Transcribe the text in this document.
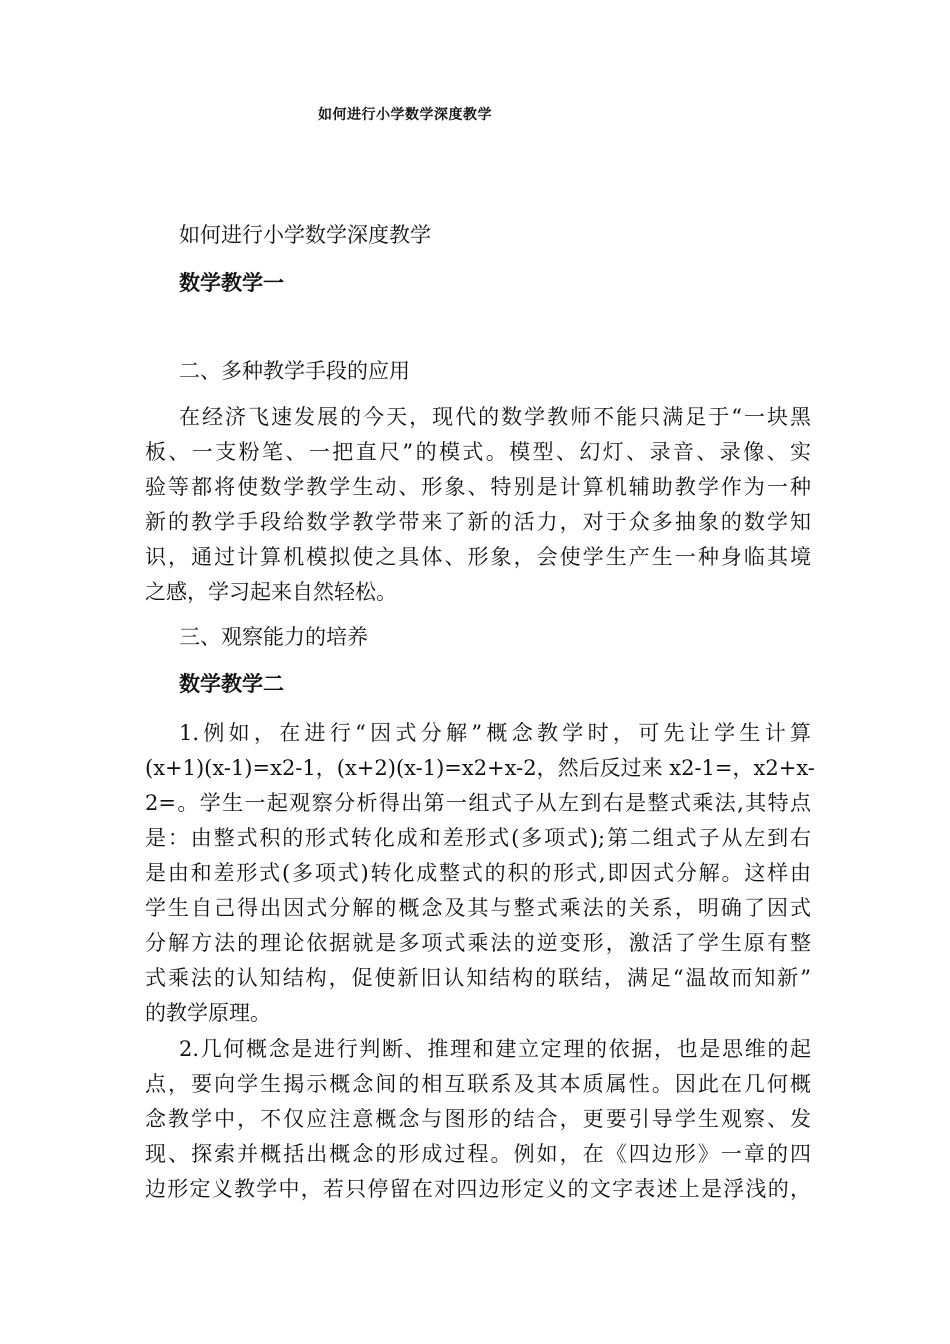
如何进行小学数学深度教学
如何进行小学数学深度教学
数学教学一
二、多种教学手段的应用
在经济飞速发展的今天，现代的数学教师不能只满足于“一块黑
板、一支粉笔、一把直尺”的模式。模型、幻灯、录音、录像、实
验等都将使数学教学生动、形象、特别是计算机辅助教学作为一种
新的教学手段给数学教学带来了新的活力，对于众多抽象的数学知
识，通过计算机模拟使之具体、形象，会使学生产生一种身临其境
之感，学习起来自然轻松。
三、观察能力的培养
数学教学二
1.例如，在进行“因式分解”概念教学时，可先让学生计算
(x+1)(x-1)=x2-1，(x+2)(x-1)=x2+x-2，然后反过来 x2-1=，x2+x-
2=。学生一起观察分析得出第一组式子从左到右是整式乘法,其特点
是：由整式积的形式转化成和差形式(多项式);第二组式子从左到右
是由和差形式(多项式)转化成整式的积的形式,即因式分解。这样由
学生自己得出因式分解的概念及其与整式乘法的关系，明确了因式
分解方法的理论依据就是多项式乘法的逆变形，激活了学生原有整
式乘法的认知结构，促使新旧认知结构的联结，满足“温故而知新”
的教学原理。
2.几何概念是进行判断、推理和建立定理的依据，也是思维的起
点，要向学生揭示概念间的相互联系及其本质属性。因此在几何概
念教学中，不仅应注意概念与图形的结合，更要引导学生观察、发
现、探索并概括出概念的形成过程。例如，在《四边形》一章的四
边形定义教学中，若只停留在对四边形定义的文字表述上是浮浅的，
